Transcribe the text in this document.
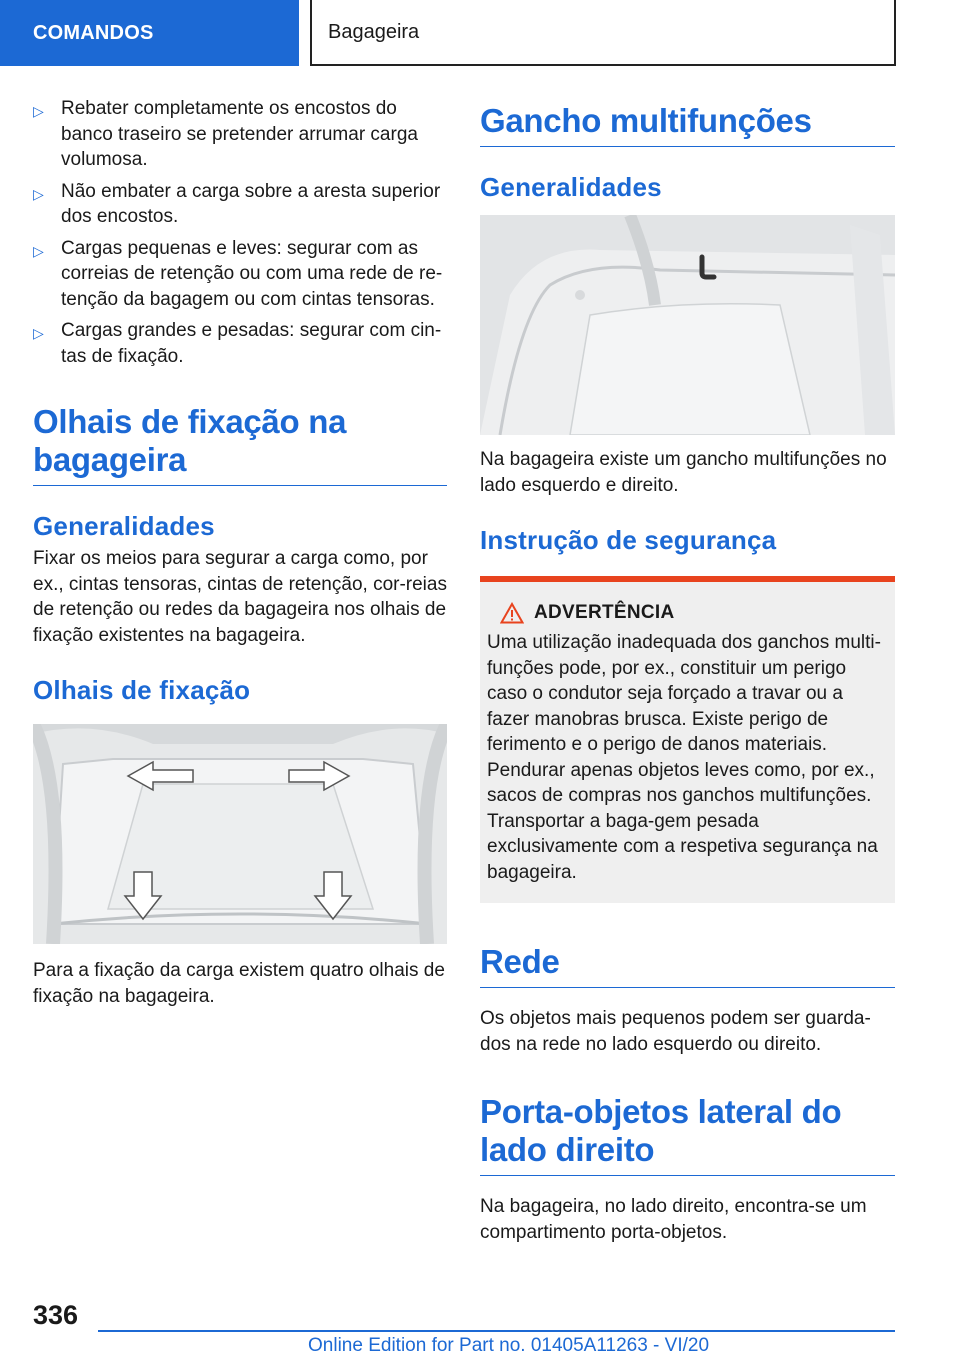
COMANDOS	Bagageira
▷ Rebater completamente os encostos do banco traseiro se pretender arrumar carga volumosa.
▷ Não embater a carga sobre a aresta superior dos encostos.
▷ Cargas pequenas e leves: segurar com as correias de retenção ou com uma rede de re-tenção da bagagem ou com cintas tensoras.
▷ Cargas grandes e pesadas: segurar com cin-tas de fixação.
Olhais de fixação na bagageira
Generalidades

Fixar os meios para segurar a carga como, por ex., cintas tensoras, cintas de retenção, cor-reias de retenção ou redes da bagageira nos olhais de fixação existentes na bagageira.

Olhais de fixação

Para a fixação da carga existem quatro olhais de fixação na bagageira.

Gancho multifunções
Generalidades

Na bagageira existe um gancho multifunções no lado esquerdo e direito.

Instrução de segurança
ADVERTÊNCIA

Uma utilização inadequada dos ganchos multi-funções pode, por ex., constituir um perigo caso o condutor seja forçado a travar ou a fazer manobras brusca. Existe perigo de ferimento e o perigo de danos materiais. Pendurar apenas objetos leves como, por ex., sacos de compras nos ganchos multifunções. Transportar a baga-gem pesada exclusivamente com a respetiva segurança na bagageira.

Rede

Os objetos mais pequenos podem ser guarda-dos na rede no lado esquerdo ou direito.

Porta-objetos lateral do lado direito

Na bagageira, no lado direito, encontra-se um compartimento porta-objetos.

336
Online Edition for Part no. 01405A11263 - VI/20
